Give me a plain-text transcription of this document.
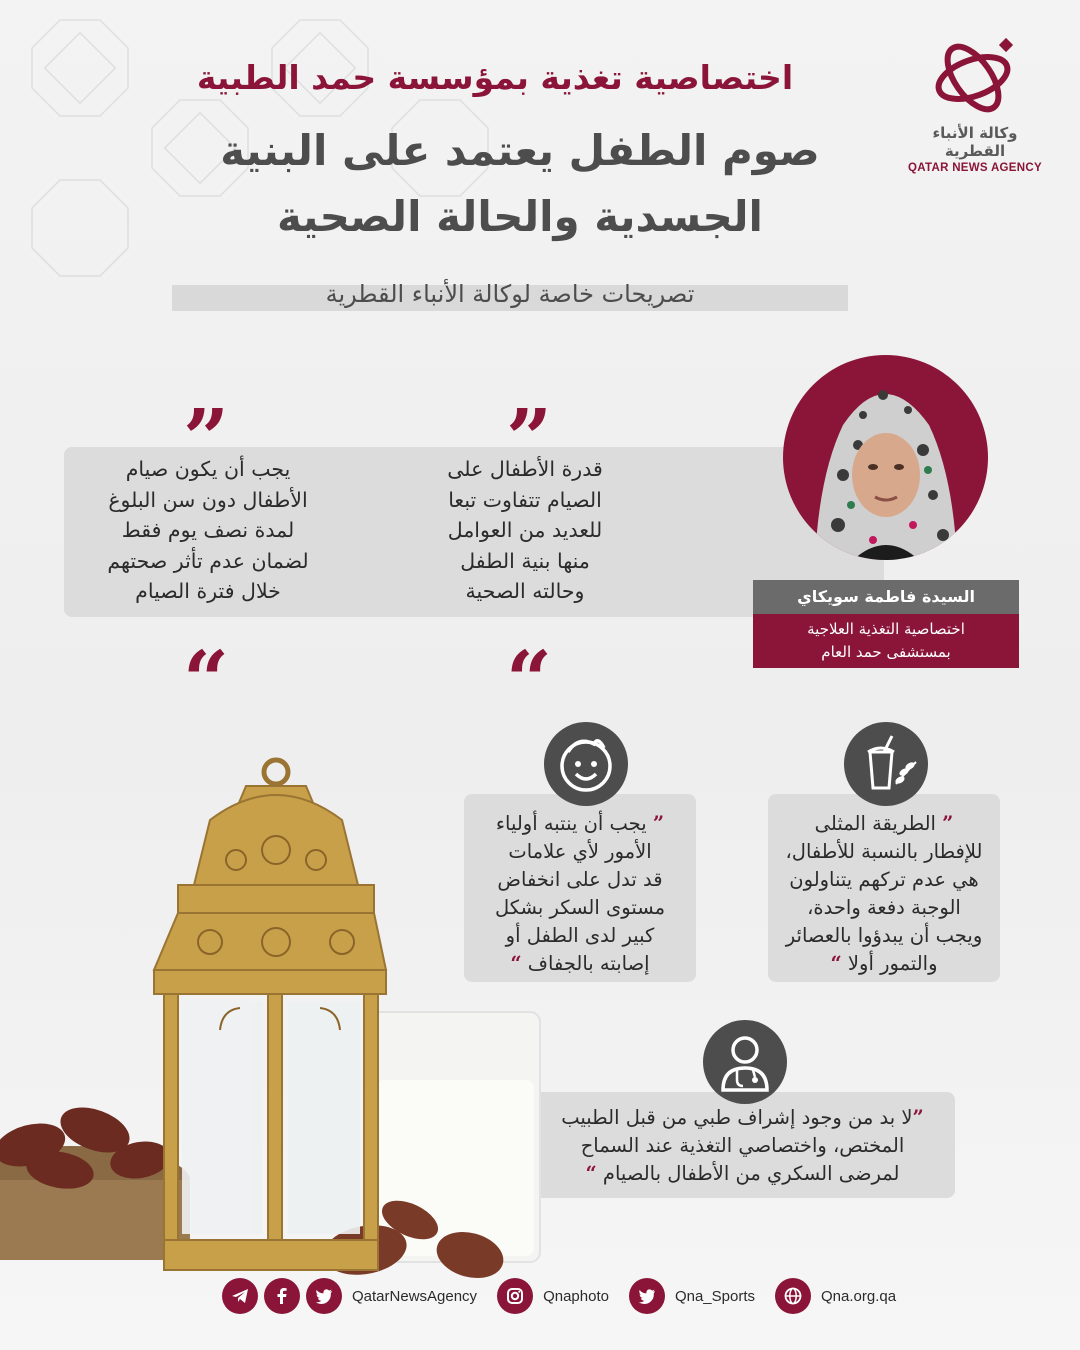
وكالة الأنباء القطرية
QATAR NEWS AGENCY
اختصاصية تغذية بمؤسسة حمد الطبية
صوم الطفل يعتمد على البنية
الجسدية والحالة الصحية
تصريحات خاصة لوكالة الأنباء القطرية
”
”
“
“
قدرة الأطفال على
الصيام تتفاوت تبعا
للعديد من العوامل
منها بنية الطفل
وحالته الصحية
يجب أن يكون صيام
الأطفال دون سن البلوغ
لمدة نصف يوم فقط
لضمان عدم تأثر صحتهم
خلال فترة الصيام	السيدة فاطمة سويكاي
اختصاصية التغذية العلاجية
بمستشفى حمد العام
” الطريقة المثلى
للإفطار بالنسبة للأطفال،
هي عدم تركهم يتناولون
الوجبة دفعة واحدة،
ويجب أن يبدؤوا بالعصائر
والتمور أولا “
” يجب أن ينتبه أولياء
الأمور لأي علامات
قد تدل على انخفاض
مستوى السكر بشكل
كبير لدى الطفل أو
إصابته بالجفاف “
”لا بد من وجود إشراف طبي من قبل الطبيب
المختص، واختصاصي التغذية عند السماح
لمرضى السكري من الأطفال بالصيام “
QatarNewsAgency	Qnaphoto	Qna_Sports	Qna.org.qa
